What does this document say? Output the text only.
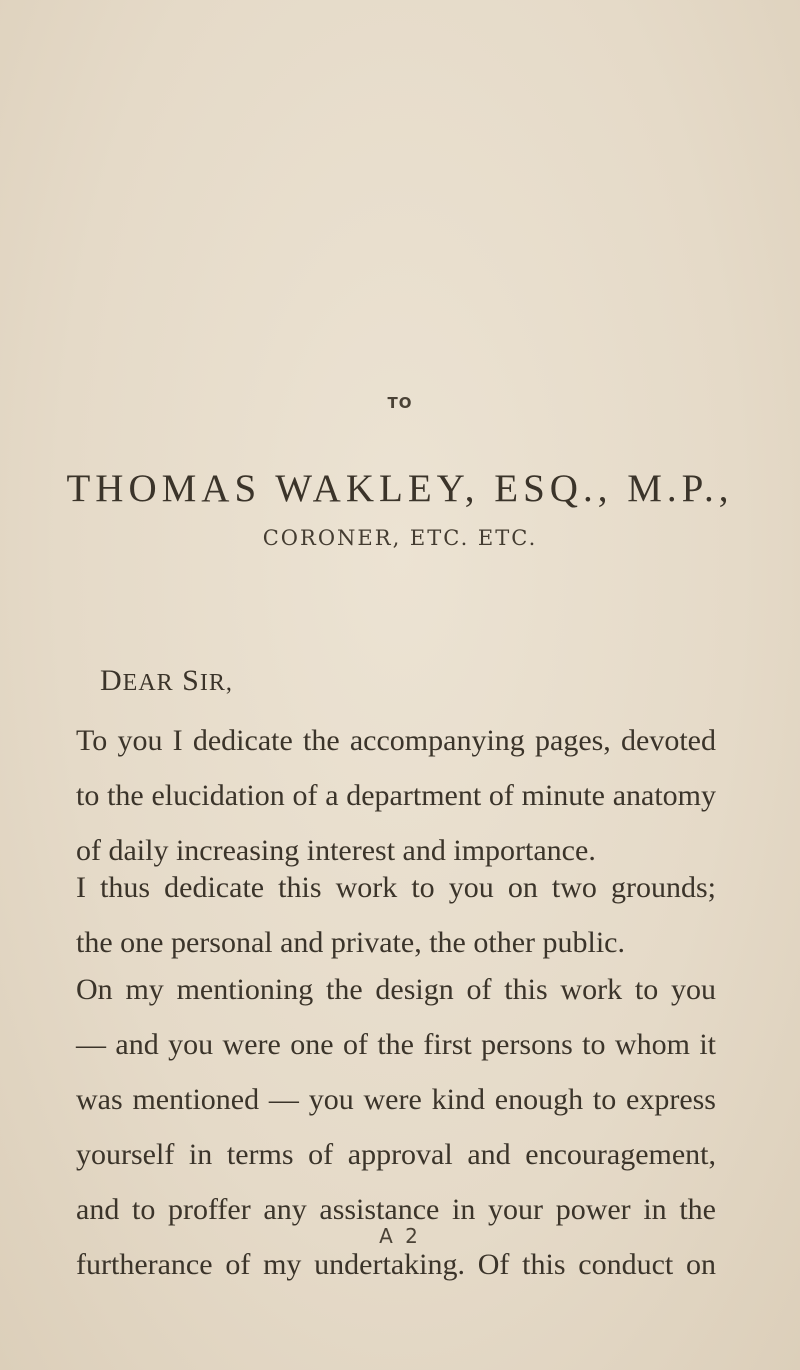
TO
THOMAS WAKLEY, ESQ., M.P.,
CORONER, ETC. ETC.
DEAR SIR,
To you I dedicate the accompanying pages, devoted
to the elucidation of a department of minute anatomy
of daily increasing interest and importance.
I thus dedicate this work to you on two grounds;
the one personal and private, the other public.
On my mentioning the design of this work to you
— and you were one of the first persons to whom it
was mentioned — you were kind enough to express
yourself in terms of approval and encouragement,
and to proffer any assistance in your power in the
furtherance of my undertaking. Of this conduct on
A 2
